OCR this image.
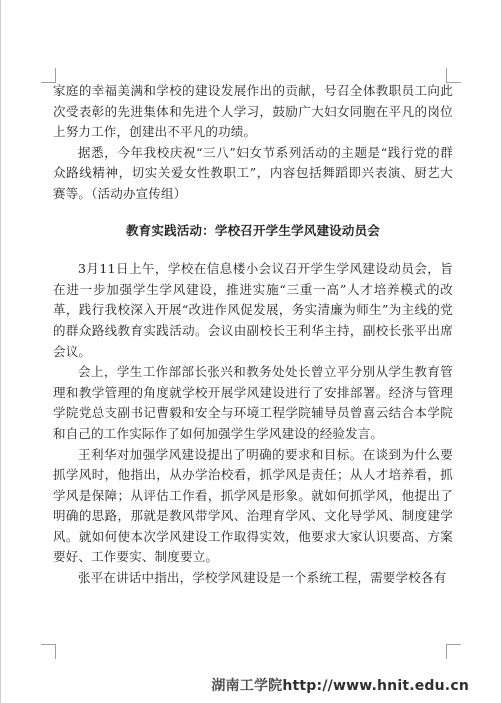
家庭的幸福美满和学校的建设发展作出的贡献，号召全体教职员工向此次受表彰的先进集体和先进个人学习，鼓励广大妇女同胞在平凡的岗位上努力工作，创建出不平凡的功绩。

据悉，今年我校庆祝“三八”妇女节系列活动的主题是“践行党的群众路线精神，切实关爱女性教职工”，内容包括舞蹈即兴表演、厨艺大赛等。（活动办宣传组）

教育实践活动：学校召开学生学风建设动员会

3月11日上午，学校在信息楼小会议召开学生学风建设动员会，旨在进一步加强学生学风建设，推进实施“三重一高”人才培养模式的改革，践行我校深入开展“改进作风促发展，务实清廉为师生”为主线的党的群众路线教育实践活动。会议由副校长王利华主持，副校长张平出席会议。

会上，学生工作部部长张兴和教务处处长曾立平分别从学生教育管理和教学管理的角度就学校开展学风建设进行了安排部署。经济与管理学院党总支副书记曹毅和安全与环境工程学院辅导员曾喜云结合本学院和自己的工作实际作了如何加强学生学风建设的经验发言。

王利华对加强学风建设提出了明确的要求和目标。在谈到为什么要抓学风时，他指出，从办学治校看，抓学风是责任；从人才培养看，抓学风是保障；从评估工作看，抓学风是形象。就如何抓学风，他提出了明确的思路，那就是教风带学风、治理育学风、文化导学风、制度建学风。就如何使本次学风建设工作取得实效，他要求大家认识要高、方案要好、工作要实、制度要立。

张平在讲话中指出，学校学风建设是一个系统工程，需要学校各有

湖南工学院http://www.hnit.edu.cn
